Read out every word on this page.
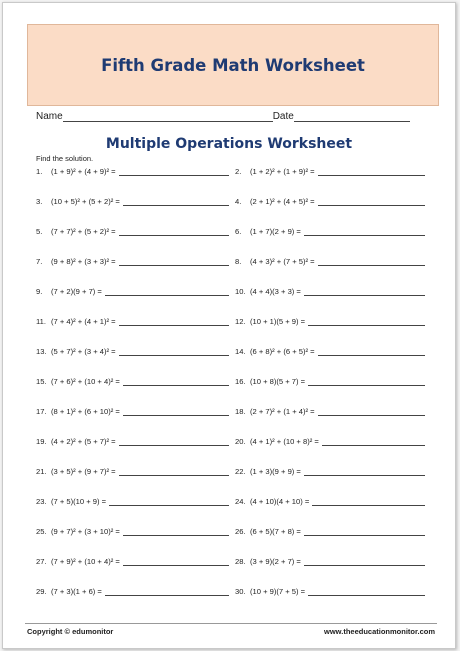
Fifth Grade Math Worksheet
Name	Date
Multiple Operations Worksheet
Find the solution.
1.	(1 + 9)² + (4 + 9)² =	2.	(1 + 2)² + (1 + 9)² =
3.	(10 + 5)² + (5 + 2)² =	4.	(2 + 1)² + (4 + 5)² =
5.	(7 + 7)² + (5 + 2)² =	6.	(1 + 7)(2 + 9) =
7.	(9 + 8)² + (3 + 3)² =	8.	(4 + 3)² + (7 + 5)² =
9.	(7 + 2)(9 + 7) =	10. (4 + 4)(3 + 3) =
11. (7 + 4)² + (4 + 1)² =	12. (10 + 1)(5 + 9) =
13. (5 + 7)² + (3 + 4)² =	14. (6 + 8)² + (6 + 5)² =
15. (7 + 6)² + (10 + 4)² =	16. (10 + 8)(5 + 7) =
17. (8 + 1)² + (6 + 10)² =	18. (2 + 7)² + (1 + 4)² =
19. (4 + 2)² + (5 + 7)² =	20. (4 + 1)² + (10 + 8)² =
21. (3 + 5)² + (9 + 7)² =	22. (1 + 3)(9 + 9) =
23. (7 + 5)(10 + 9) =	24. (4 + 10)(4 + 10) =
25. (9 + 7)² + (3 + 10)² =	26. (6 + 5)(7 + 8) =
27. (7 + 9)² + (10 + 4)² =	28. (3 + 9)(2 + 7) =
29. (7 + 3)(1 + 6) =	30. (10 + 9)(7 + 5) =
Copyright © edumonitor	www.theeducationmonitor.com
